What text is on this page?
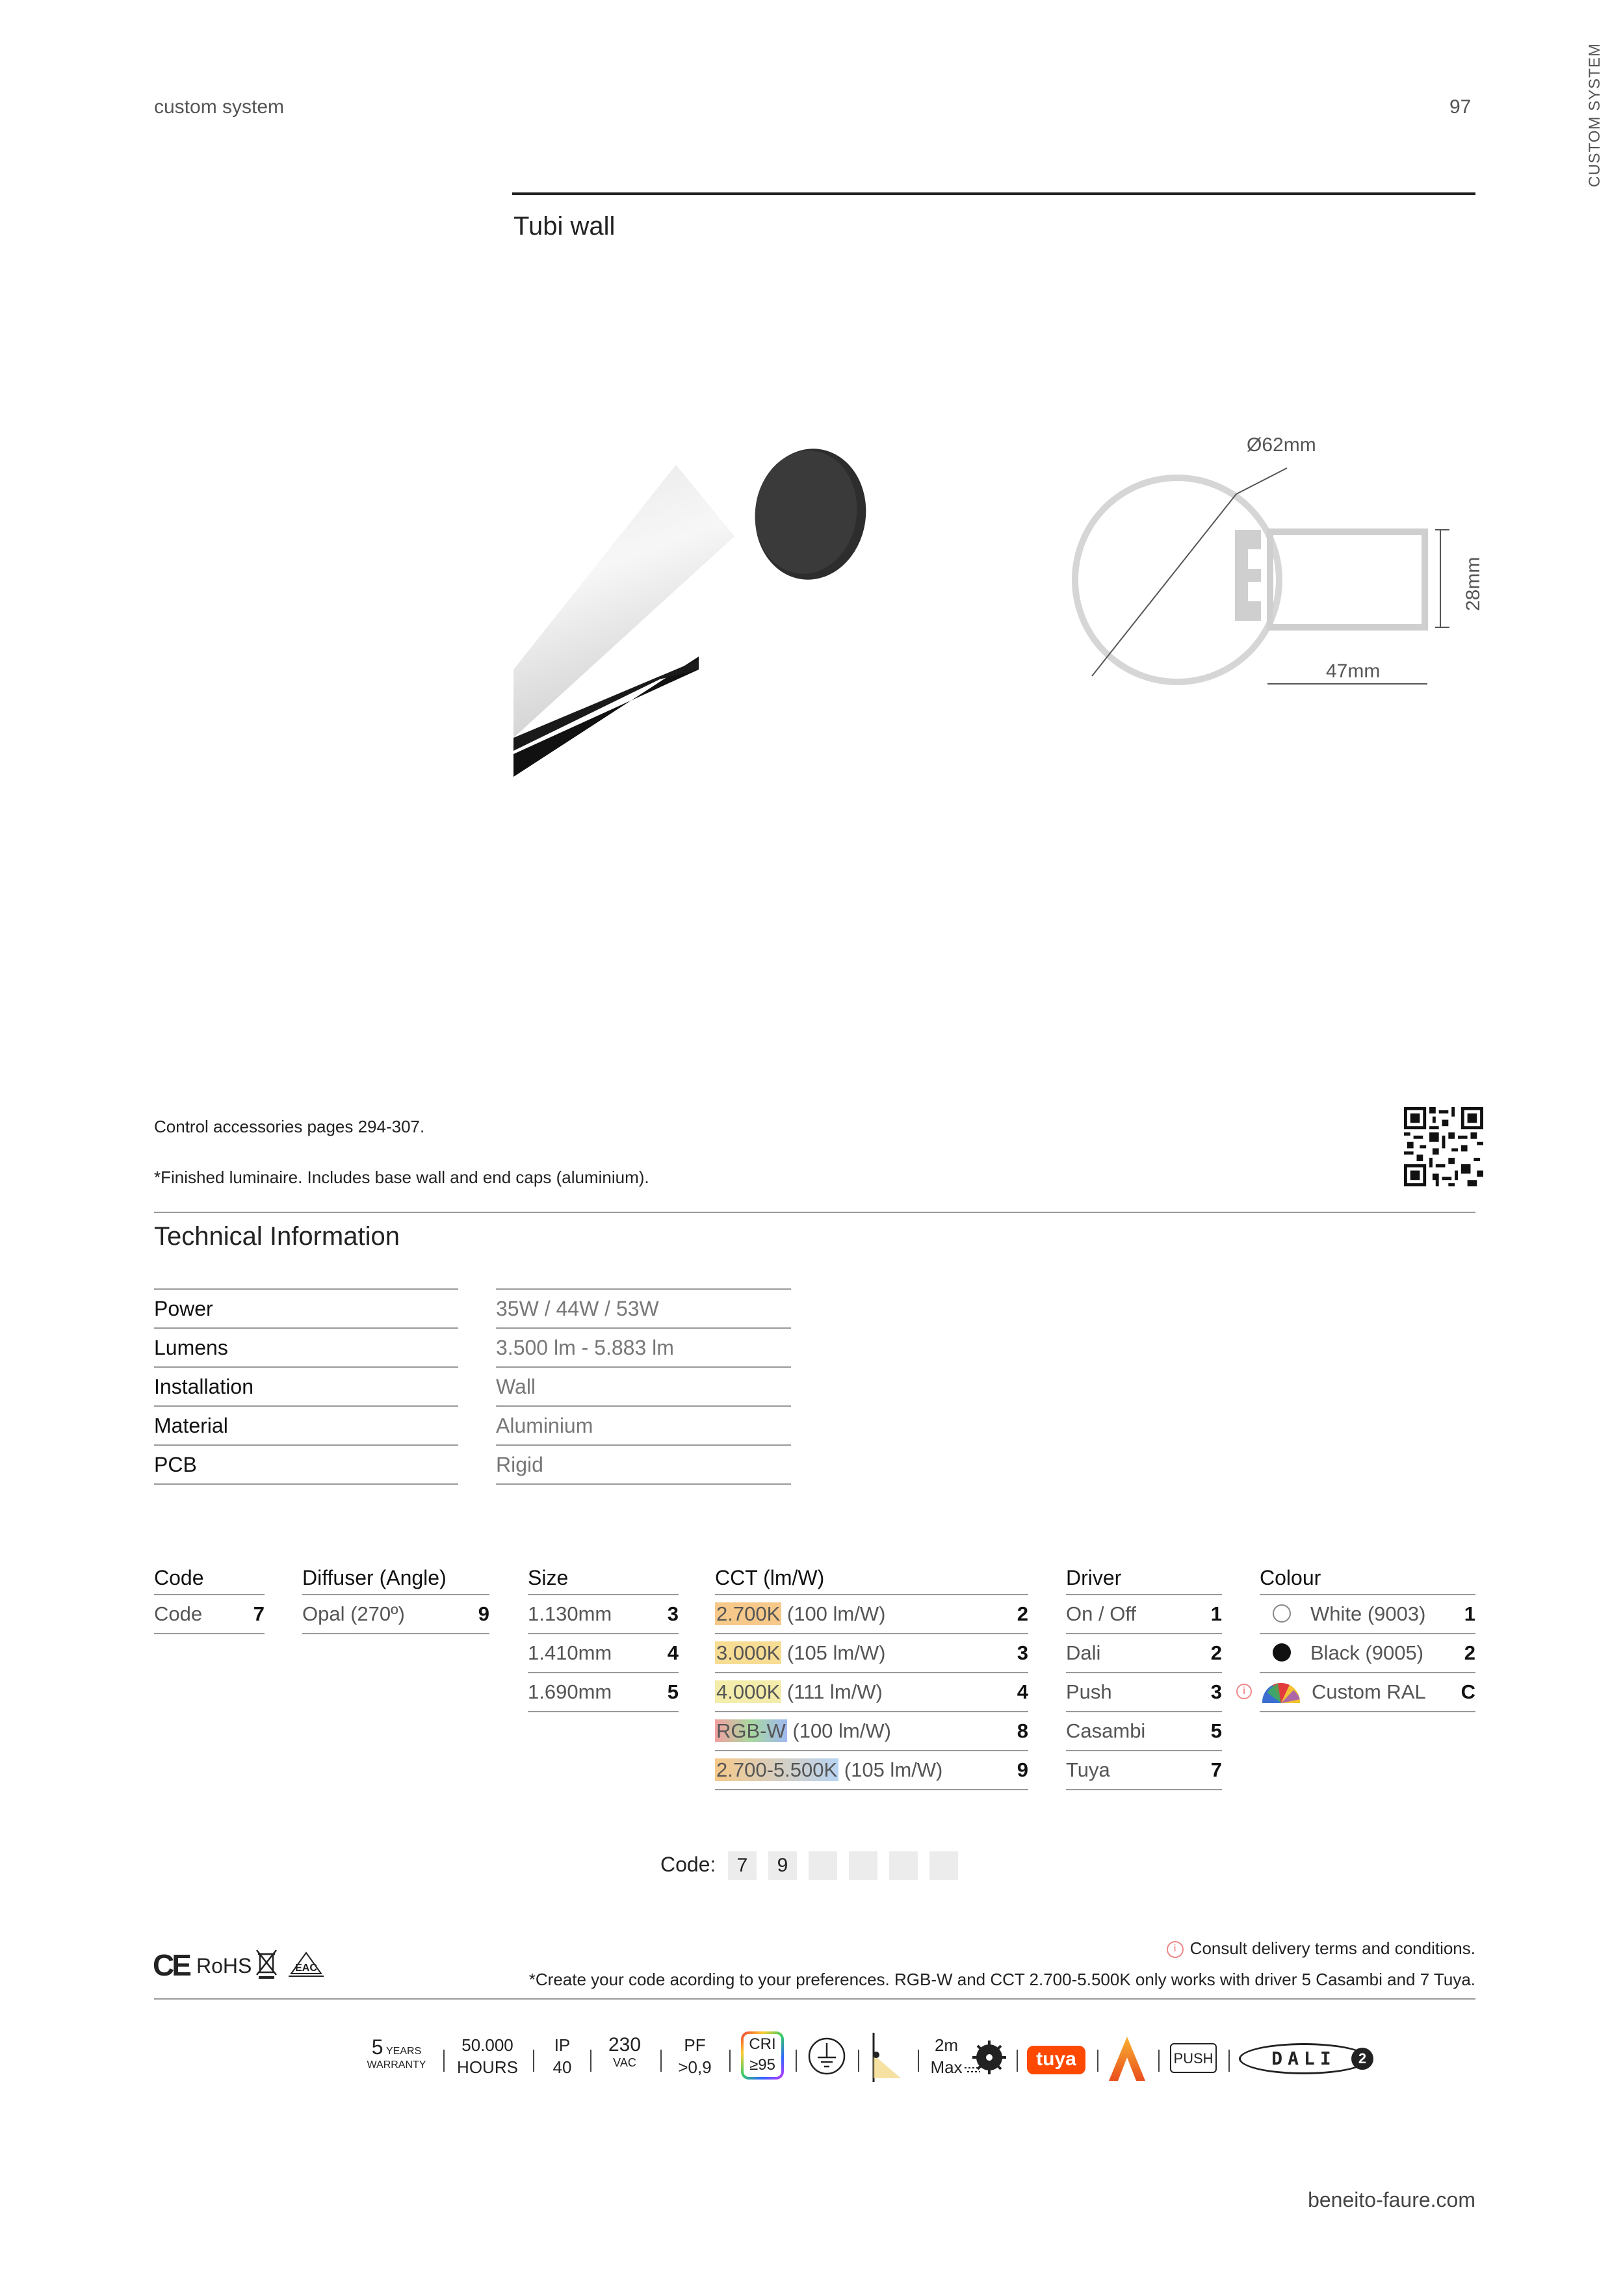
custom system	97	CUSTOM SYSTEM
Tubi wall
Ø62mm
28mm
47mm
Control accessories pages 294-307.
*Finished luminaire. Includes base wall and end caps (aluminium).
Technical Information
Power	35W / 44W / 53W
Lumens	3.500 lm - 5.883 lm
Installation	Wall
Material	Aluminium
PCB	Rigid
Code
Code	7
Diffuser (Angle)
Opal (270º)	9
Size
1.130mm	3
1.410mm	4
1.690mm	5
CCT (lm/W)
2.700K (100 lm/W)	2
3.000K (105 lm/W)	3
4.000K (111 lm/W)	4
RGB-W (100 lm/W)	8
2.700-5.500K (105 lm/W)	9
Driver
On / Off	1
Dali	2
Push	3
Casambi	5
Tuya	7
Colour
White (9003) 1
Black (9005) 2
i	Custom RAL C
Code:	7	9
CE RoHS	EAC
i Consult delivery terms and conditions.
*Create your code acording to your preferences. RGB-W and CCT 2.700-5.500K only works with driver 5 Casambi and 7 Tuya.
5 YEARS
WARRANTY
50.000
HOURS
IP
40
230
VAC
PF
>0,9
CRI
≥95
2m
Max	tuya	PUSH	DALI	2
beneito-faure.com
